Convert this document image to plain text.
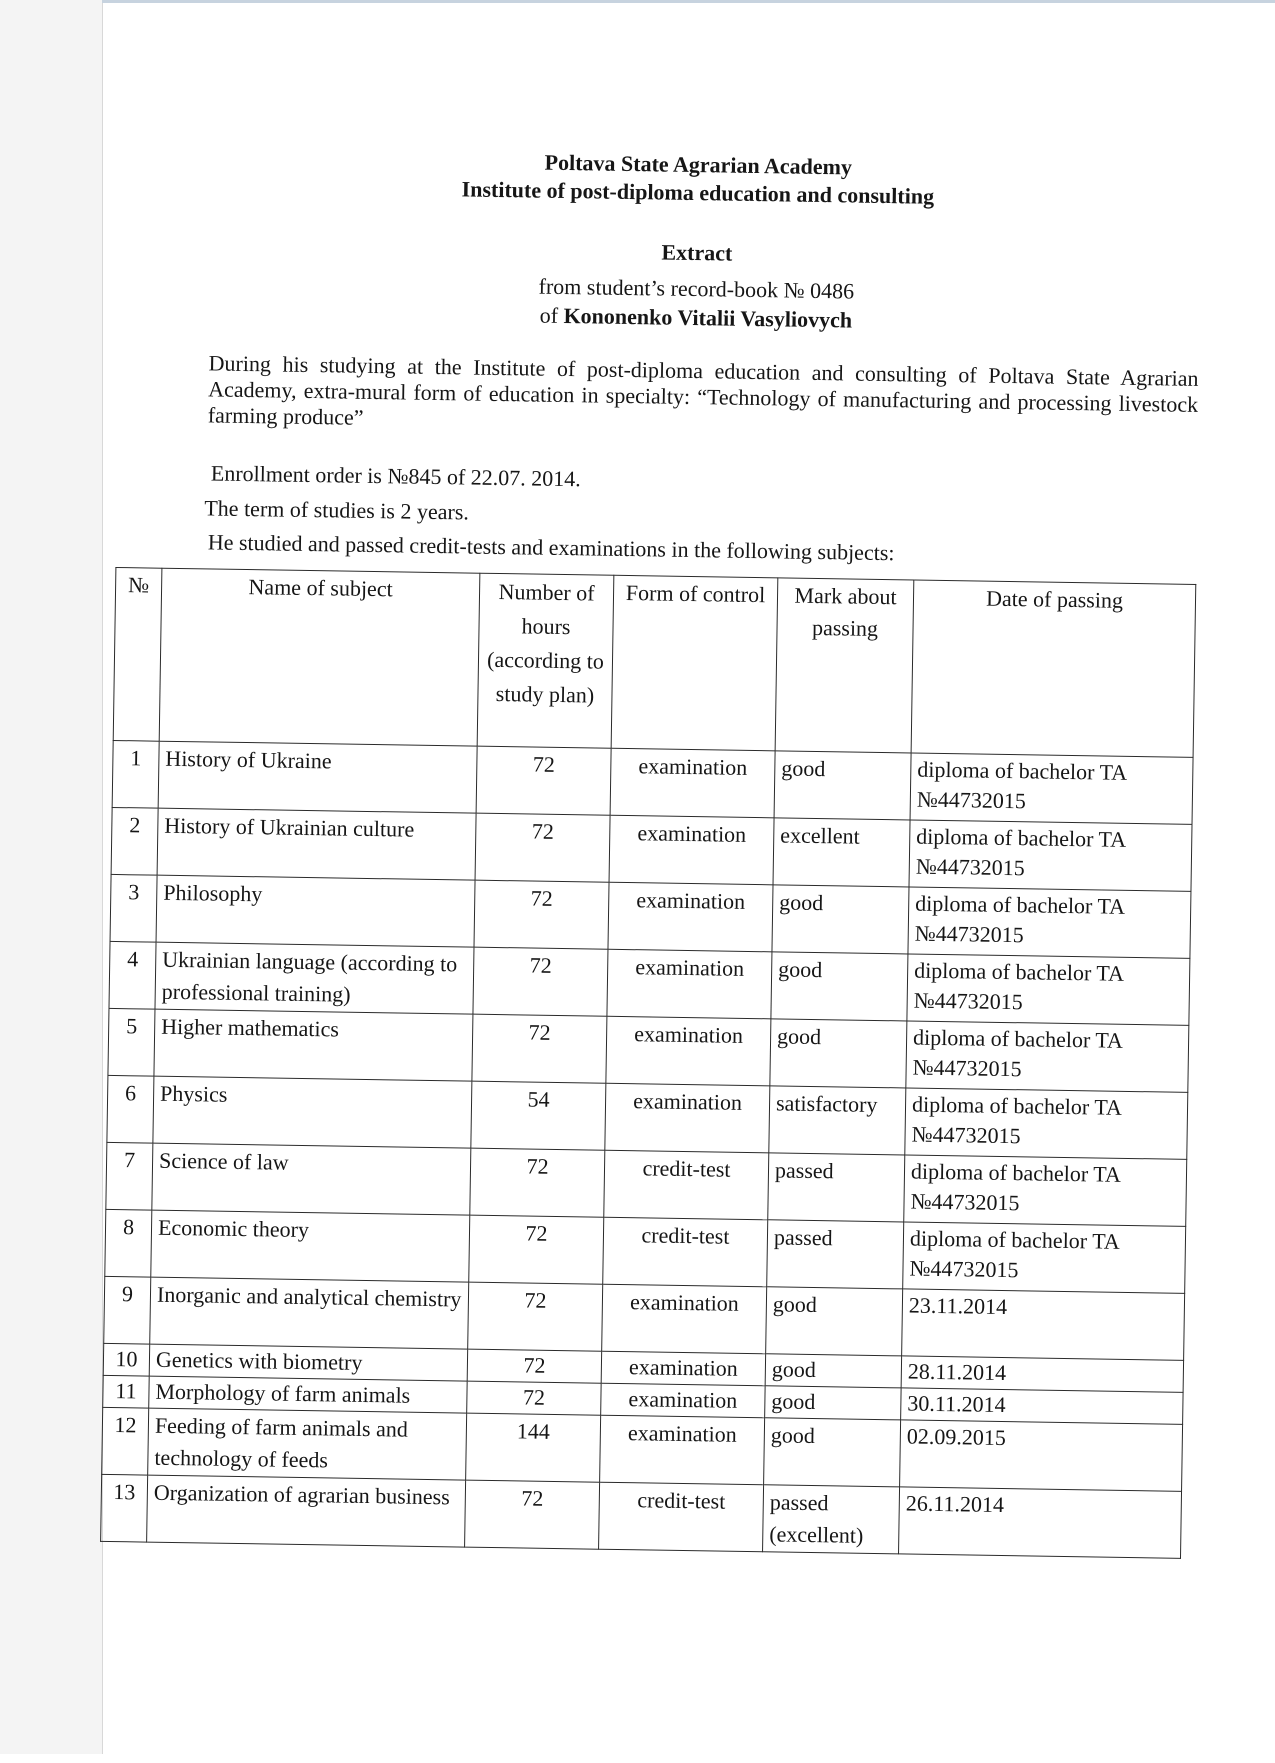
Poltava State Agrarian Academy
Institute of post-diploma education and consulting
Extract
from student’s record-book № 0486
of Kononenko Vitalii Vasyliovych
During his studying at the Institute of post-diploma education and consulting of Poltava State Agrarian Academy, extra-mural form of education in specialty: “Technology of manufacturing and processing livestock farming produce”
Enrollment order is №845 of 22.07. 2014.
The term of studies is 2 years.
He studied and passed credit-tests and examinations in the following subjects:
№	Name of subject	Number of hours (according to study plan)	Form of control	Mark about passing	Date of passing
1	History of Ukraine	72	examination	good	diploma of bachelor TA №44732015
2	History of Ukrainian culture	72	examination	excellent	diploma of bachelor TA №44732015
3	Philosophy	72	examination	good	diploma of bachelor TA №44732015
4	Ukrainian language (according to professional training)	72	examination	good	diploma of bachelor TA №44732015
5	Higher mathematics	72	examination	good	diploma of bachelor TA №44732015
6	Physics	54	examination	satisfactory	diploma of bachelor TA №44732015
7	Science of law	72	credit-test	passed	diploma of bachelor TA №44732015
8	Economic theory	72	credit-test	passed	diploma of bachelor TA №44732015
9	Inorganic and analytical chemistry	72	examination	good	23.11.2014
10	Genetics with biometry	72	examination	good	28.11.2014
11	Morphology of farm animals	72	examination	good	30.11.2014
12	Feeding of farm animals and technology of feeds	144	examination	good	02.09.2015
13	Organization of agrarian business	72	credit-test	passed (excellent)	26.11.2014
